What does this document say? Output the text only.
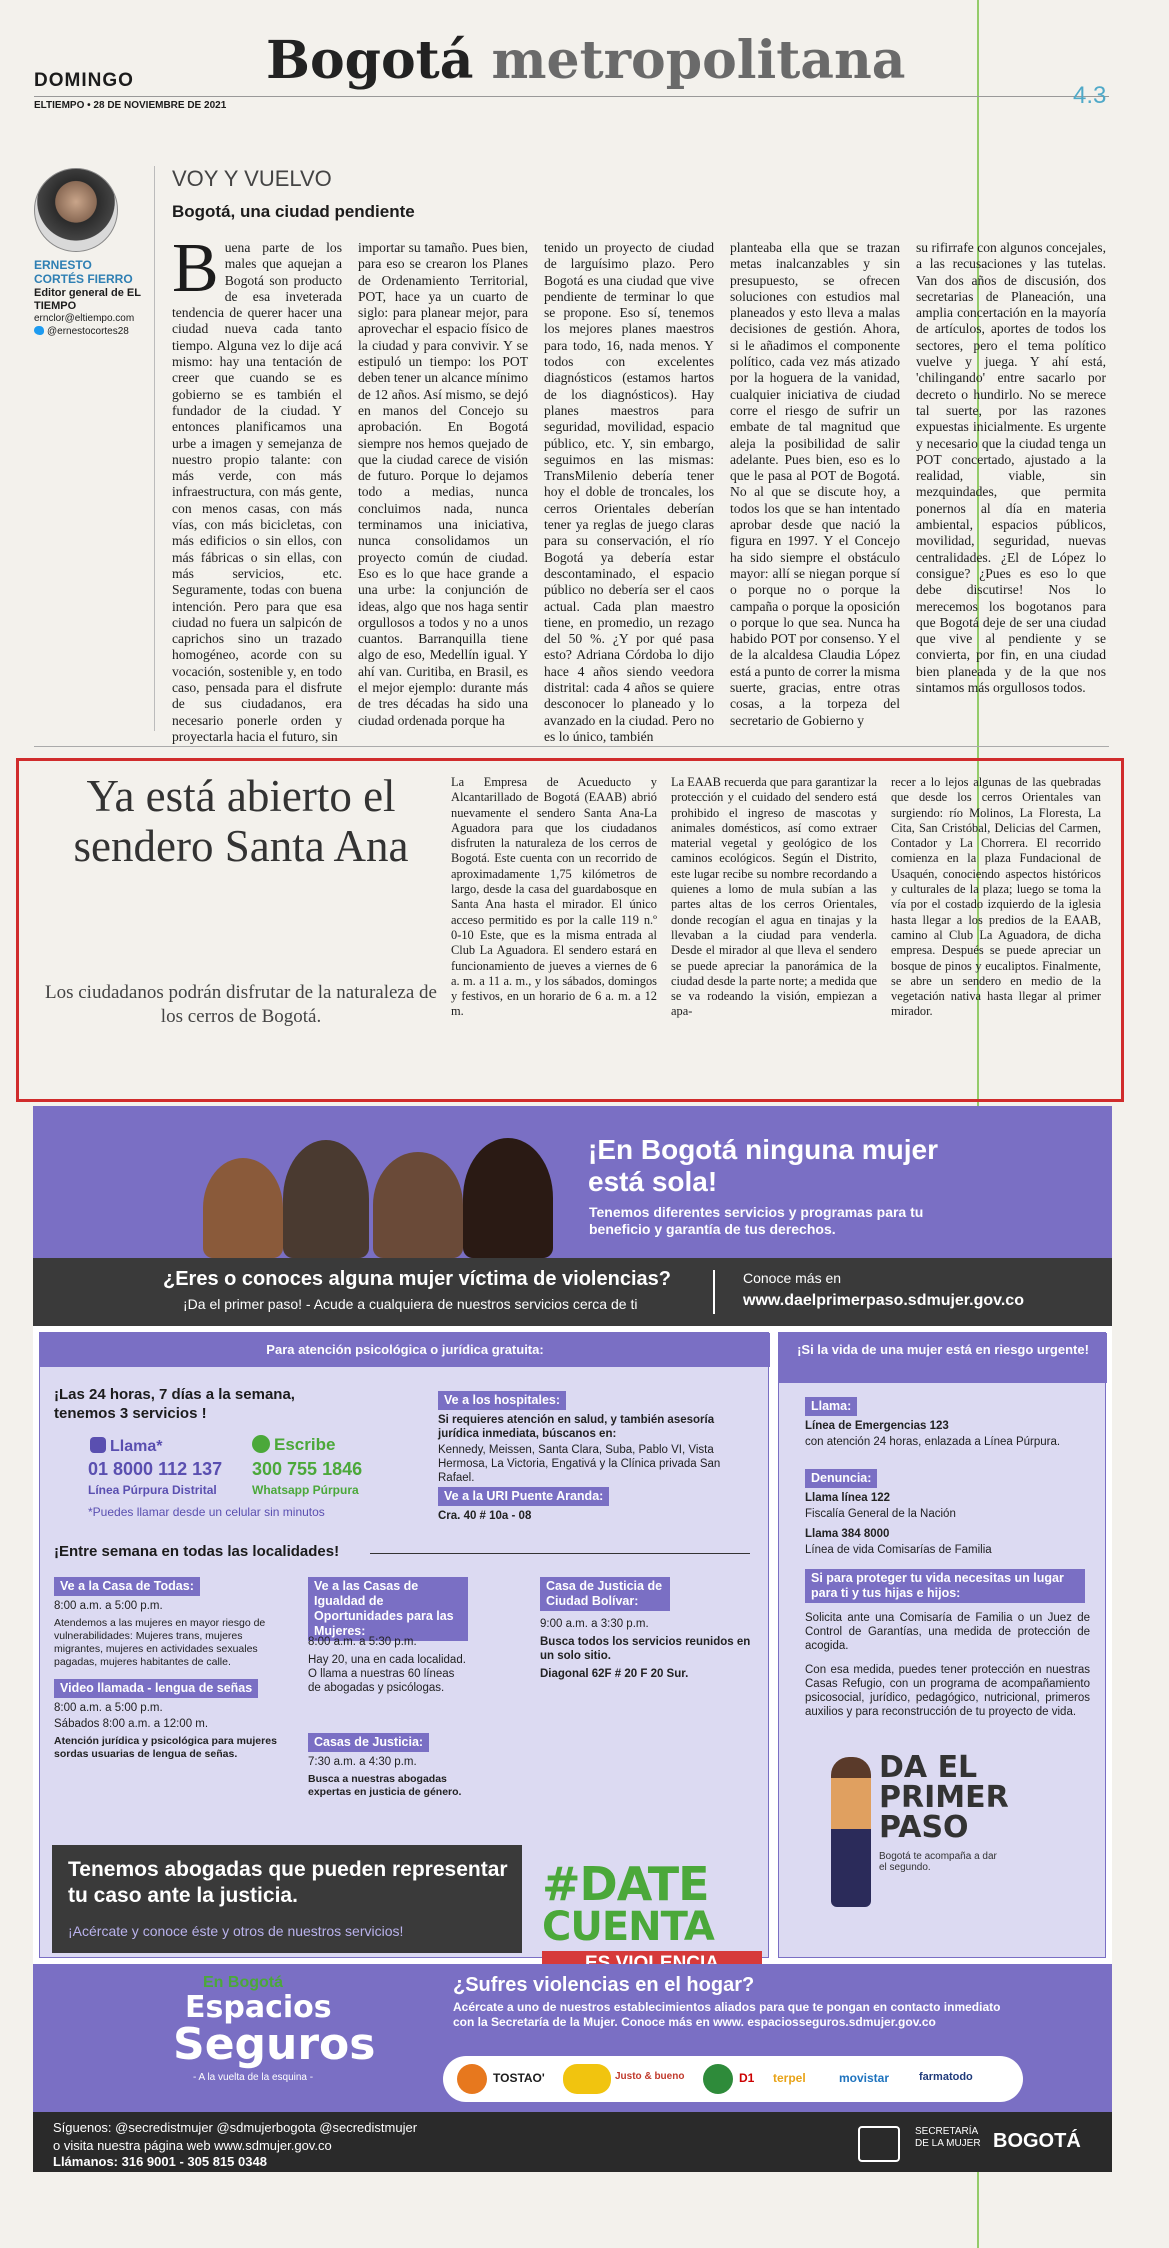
DOMINGO	Bogotá metropolitana
ELTIEMPO • 28 DE NOVIEMBRE DE 2021	4.3
ERNESTO CORTÉS FIERRO
Editor general de EL TIEMPO
ernclor@eltiempo.com
@ernestocortes28
VOY Y VUELVO
Bogotá, una ciudad pendiente
Buena parte de los males que aquejan a Bogotá son producto de esa inveterada tendencia de querer hacer una ciudad nueva cada tanto tiempo. Alguna vez lo dije acá mismo: hay una tentación de creer que cuando se es gobierno se es también el fundador de la ciudad. Y entonces planificamos una urbe a imagen y semejanza de nuestro propio talante: con más verde, con más infraestructura, con más gente, con menos casas, con más vías, con más bicicletas, con más edificios o sin ellos, con más fábricas o sin ellas, con más servicios, etc. Seguramente, todas con buena intención. Pero para que esa ciudad no fuera un salpicón de caprichos sino un trazado homogéneo, acorde con su vocación, sostenible y, en todo caso, pensada para el disfrute de sus ciudadanos, era necesario ponerle orden y proyectarla hacia el futuro, sin
importar su tamaño. Pues bien, para eso se crearon los Planes de Ordenamiento Territorial, POT, hace ya un cuarto de siglo: para planear mejor, para aprovechar el espacio físico de la ciudad y para convivir. Y se estipuló un tiempo: los POT deben tener un alcance mínimo de 12 años. Así mismo, se dejó en manos del Concejo su aprobación. En Bogotá siempre nos hemos quejado de que la ciudad carece de visión de futuro. Porque lo dejamos todo a medias, nunca concluimos nada, nunca terminamos una iniciativa, nunca consolidamos un proyecto común de ciudad. Eso es lo que hace grande a una urbe: la conjunción de ideas, algo que nos haga sentir orgullosos a todos y no a unos cuantos. Barranquilla tiene algo de eso, Medellín igual. Y ahí van. Curitiba, en Brasil, es el mejor ejemplo: durante más de tres décadas ha sido una ciudad ordenada porque ha
tenido un proyecto de ciudad de larguísimo plazo. Pero Bogotá es una ciudad que vive pendiente de terminar lo que se propone. Eso sí, tenemos los mejores planes maestros para todo, 16, nada menos. Y todos con excelentes diagnósticos (estamos hartos de los diagnósticos). Hay planes maestros para seguridad, movilidad, espacio público, etc. Y, sin embargo, seguimos en las mismas: TransMilenio debería tener hoy el doble de troncales, los cerros Orientales deberían tener ya reglas de juego claras para su conservación, el río Bogotá ya debería estar descontaminado, el espacio público no debería ser el caos actual. Cada plan maestro tiene, en promedio, un rezago del 50 %. ¿Y por qué pasa esto? Adriana Córdoba lo dijo hace 4 años siendo veedora distrital: cada 4 años se quiere desconocer lo planeado y lo avanzado en la ciudad. Pero no es lo único, también
planteaba ella que se trazan metas inalcanzables y sin presupuesto, se ofrecen soluciones con estudios mal planeados y esto lleva a malas decisiones de gestión. Ahora, si le añadimos el componente político, cada vez más atizado por la hoguera de la vanidad, cualquier iniciativa de ciudad corre el riesgo de sufrir un embate de tal magnitud que aleja la posibilidad de salir adelante. Pues bien, eso es lo que le pasa al POT de Bogotá. No al que se discute hoy, a todos los que se han intentado aprobar desde que nació la figura en 1997. Y el Concejo ha sido siempre el obstáculo mayor: allí se niegan porque sí o porque no o porque la campaña o porque la oposición o porque lo que sea. Nunca ha habido POT por consenso. Y el de la alcaldesa Claudia López está a punto de correr la misma suerte, gracias, entre otras cosas, a la torpeza del secretario de Gobierno y
su rifirrafe con algunos concejales, a las recusaciones y las tutelas. Van dos años de discusión, dos secretarias de Planeación, una amplia concertación en la mayoría de artículos, aportes de todos los sectores, pero el tema político vuelve y juega. Y ahí está, 'chilingando' entre sacarlo por decreto o hundirlo. No se merece tal suerte, por las razones expuestas inicialmente. Es urgente y necesario que la ciudad tenga un POT concertado, ajustado a la realidad, viable, sin mezquindades, que permita ponernos al día en materia ambiental, espacios públicos, movilidad, seguridad, nuevas centralidades. ¿El de López lo consigue? ¿Pues es eso lo que debe discutirse! Nos lo merecemos los bogotanos para que Bogotá deje de ser una ciudad que vive al pendiente y se convierta, por fin, en una ciudad bien planeada y de la que nos sintamos más orgullosos todos.
Ya está abierto el sendero Santa Ana
Los ciudadanos podrán disfrutar de la naturaleza de los cerros de Bogotá.
La Empresa de Acueducto y Alcantarillado de Bogotá (EAAB) abrió nuevamente el sendero Santa Ana-La Aguadora para que los ciudadanos disfruten la naturaleza de los cerros de Bogotá. Este cuenta con un recorrido de aproximadamente 1,75 kilómetros de largo, desde la casa del guardabosque en Santa Ana hasta el mirador. El único acceso permitido es por la calle 119 n.º 0-10 Este, que es la misma entrada al Club La Aguadora. El sendero estará en funcionamiento de jueves a viernes de 6 a. m. a 11 a. m., y los sábados, domingos y festivos, en un horario de 6 a. m. a 12 m.
La EAAB recuerda que para garantizar la protección y el cuidado del sendero está prohibido el ingreso de mascotas y animales domésticos, así como extraer material vegetal y geológico de los caminos ecológicos. Según el Distrito, este lugar recibe su nombre recordando a quienes a lomo de mula subían a las partes altas de los cerros Orientales, donde recogían el agua en tinajas y la llevaban a la ciudad para venderla. Desde el mirador al que lleva el sendero se puede apreciar la panorámica de la ciudad desde la parte norte; a medida que se va rodeando la visión, empiezan a apa-
recer a lo lejos algunas de las quebradas que desde los cerros Orientales van surgiendo: río Molinos, La Floresta, La Cita, San Cristóbal, Delicias del Carmen, Contador y La Chorrera. El recorrido comienza en la plaza Fundacional de Usaquén, conociendo aspectos históricos y culturales de la plaza; luego se toma la vía por el costado izquierdo de la iglesia hasta llegar a los predios de la EAAB, camino al Club La Aguadora, de dicha empresa. Después se puede apreciar un bosque de pinos y eucaliptos. Finalmente, se abre un sendero en medio de la vegetación nativa hasta llegar al primer mirador.
¡En Bogotá ninguna mujer está sola!
Tenemos diferentes servicios y programas para tu beneficio y garantía de tus derechos.
¿Eres o conoces alguna mujer víctima de violencias?
¡Da el primer paso! - Acude a cualquiera de nuestros servicios cerca de ti
Conoce más en
www.daelprimerpaso.sdmujer.gov.co
Para atención psicológica o jurídica gratuita:
¡Las 24 horas, 7 días a la semana, tenemos 3 servicios !
Llama*
01 8000 112 137
Línea Púrpura Distrital
Escribe
300 755 1846
Whatsapp Púrpura
*Puedes llamar desde un celular sin minutos
Ve a los hospitales:
Si requieres atención en salud, y también asesoría jurídica inmediata, búscanos en:
Kennedy, Meissen, Santa Clara, Suba, Pablo VI, Vista Hermosa, La Victoria, Engativá y la Clínica privada San Rafael.
Ve a la URI Puente Aranda:
Cra. 40 # 10a - 08
¡Entre semana en todas las localidades!
Ve a la Casa de Todas:
8:00 a.m. a 5:00 p.m.
Atendemos a las mujeres en mayor riesgo de vulnerabilidades: Mujeres trans, mujeres migrantes, mujeres en actividades sexuales pagadas, mujeres habitantes de calle.
Video llamada - lengua de señas
8:00 a.m. a 5:00 p.m.
Sábados 8:00 a.m. a 12:00 m.
Atención jurídica y psicológica para mujeres sordas usuarias de lengua de señas.
Ve a las Casas de Igualdad de Oportunidades para las Mujeres:
8:00 a.m. a 5:30 p.m.
Hay 20, una en cada localidad. O llama a nuestras 60 líneas de abogadas y psicólogas.
Casas de Justicia:
7:30 a.m. a 4:30 p.m.
Busca a nuestras abogadas expertas en justicia de género.
Casa de Justicia de Ciudad Bolívar:
9:00 a.m. a 3:30 p.m.
Busca todos los servicios reunidos en un solo sitio.
Diagonal 62F # 20 F 20 Sur.
Tenemos abogadas que pueden representar tu caso ante la justicia.
¡Acércate y conoce éste y otros de nuestros servicios!
#DATE
CUENTA
¡Si la vida de una mujer está en riesgo urgente!
Llama:
Línea de Emergencias 123
con atención 24 horas, enlazada a Línea Púrpura.
Denuncia:
Llama línea 122
Fiscalía General de la Nación
Llama 384 8000
Línea de vida Comisarías de Familia
Si para proteger tu vida necesitas un lugar para ti y tus hijas e hijos:
Solicita ante una Comisaría de Familia o un Juez de Control de Garantías, una medida de protección de acogida.
Con esa medida, puedes tener protección en nuestras Casas Refugio, con un programa de acompañamiento psicosocial, jurídico, pedagógico, nutricional, primeros auxilios y para reconstrucción de tu proyecto de vida.
DA EL PRIMER PASO
Bogotá te acompaña a dar el segundo.
En Bogotá
Espacios
Seguros
- A la vuelta de la esquina -
¿Sufres violencias en el hogar?
Acércate a uno de nuestros establecimientos aliados para que te pongan en contacto inmediato con la Secretaría de la Mujer. Conoce más en www. espaciosseguros.sdmujer.gov.co
TOSTAO'	Justo & bueno	D1 terpel	movistar	farmatodo
Síguenos: @secredistmujer @sdmujerbogota @secredistmujer
o visita nuestra página web www.sdmujer.gov.co
Llámanos: 316 9001 - 305 815 0348
SECRETARÍA DE LA MUJER BOGOTÁ
